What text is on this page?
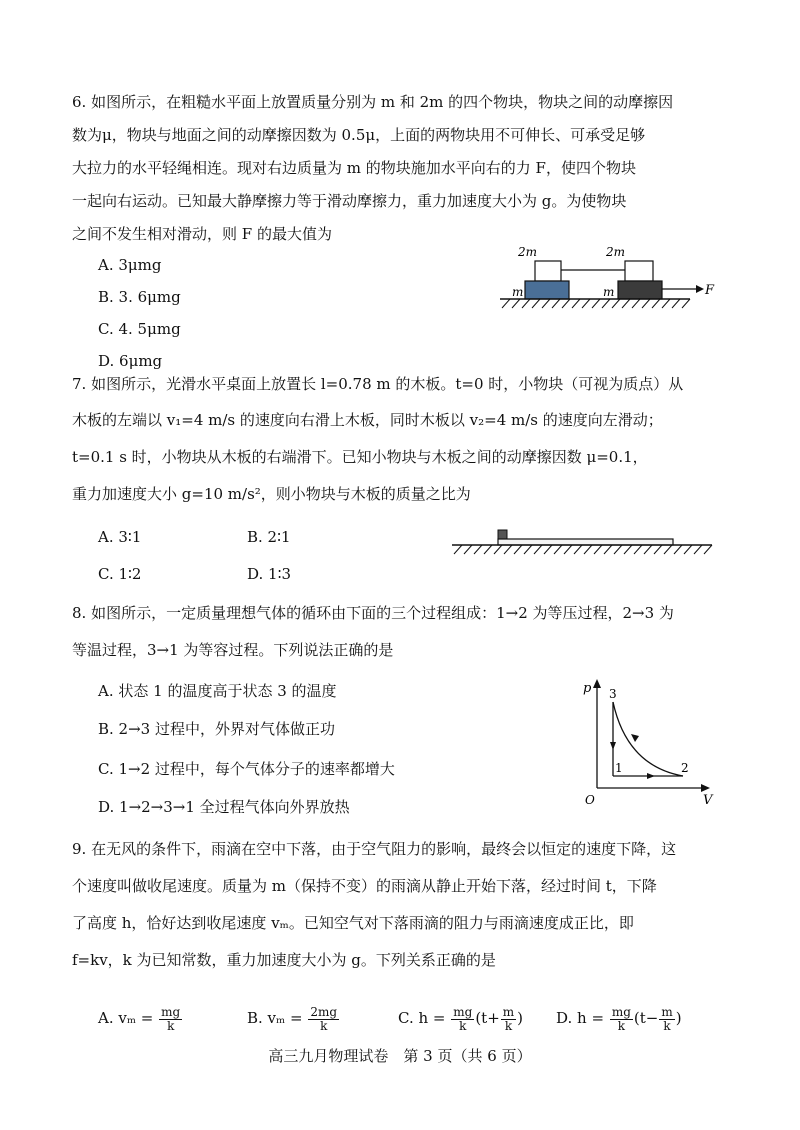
6. 如图所示，在粗糙水平面上放置质量分别为 m 和 2m 的四个物块，物块之间的动摩擦因
数为μ，物块与地面之间的动摩擦因数为 0.5μ，上面的两物块用不可伸长、可承受足够
大拉力的水平轻绳相连。现对右边质量为 m 的物块施加水平向右的力 F，使四个物块
一起向右运动。已知最大静摩擦力等于滑动摩擦力，重力加速度大小为 g。为使物块
之间不发生相对滑动，则 F 的最大值为
A. 3μmg
B. 3. 6μmg
C. 4. 5μmg
D. 6μmg
2m	2m
m	m	F
7. 如图所示，光滑水平桌面上放置长 l=0.78 m 的木板。t=0 时，小物块（可视为质点）从
木板的左端以 v₁=4 m/s 的速度向右滑上木板，同时木板以 v₂=4 m/s 的速度向左滑动；
t=0.1 s 时，小物块从木板的右端滑下。已知小物块与木板之间的动摩擦因数 μ=0.1，
重力加速度大小 g=10 m/s²，则小物块与木板的质量之比为
A. 3∶1	B. 2∶1
C. 1∶2	D. 1∶3
8. 如图所示，一定质量理想气体的循环由下面的三个过程组成：1→2 为等压过程，2→3 为
等温过程，3→1 为等容过程。下列说法正确的是
A. 状态 1 的温度高于状态 3 的温度
B. 2→3 过程中，外界对气体做正功
C. 1→2 过程中，每个气体分子的速率都增大
D. 1→2→3→1 全过程气体向外界放热
p
V
O
3
1	2
9. 在无风的条件下，雨滴在空中下落，由于空气阻力的影响，最终会以恒定的速度下降，这
个速度叫做收尾速度。质量为 m（保持不变）的雨滴从静止开始下落，经过时间 t，下降
了高度 h，恰好达到收尾速度 vₘ。已知空气对下落雨滴的阻力与雨滴速度成正比，即
f=kv，k 为已知常数，重力加速度大小为 g。下列关系正确的是
A. $v_m = \frac{mg}{k}$	B. $v_m = \frac{2mg}{k}$	C. $h = \frac{mg}{k} (t+ \frac{m}{k}$ ) D. $h = \frac{mg}{k} (t- \frac{m}{k}$ )
高三九月物理试卷　第 3 页（共 6 页）
